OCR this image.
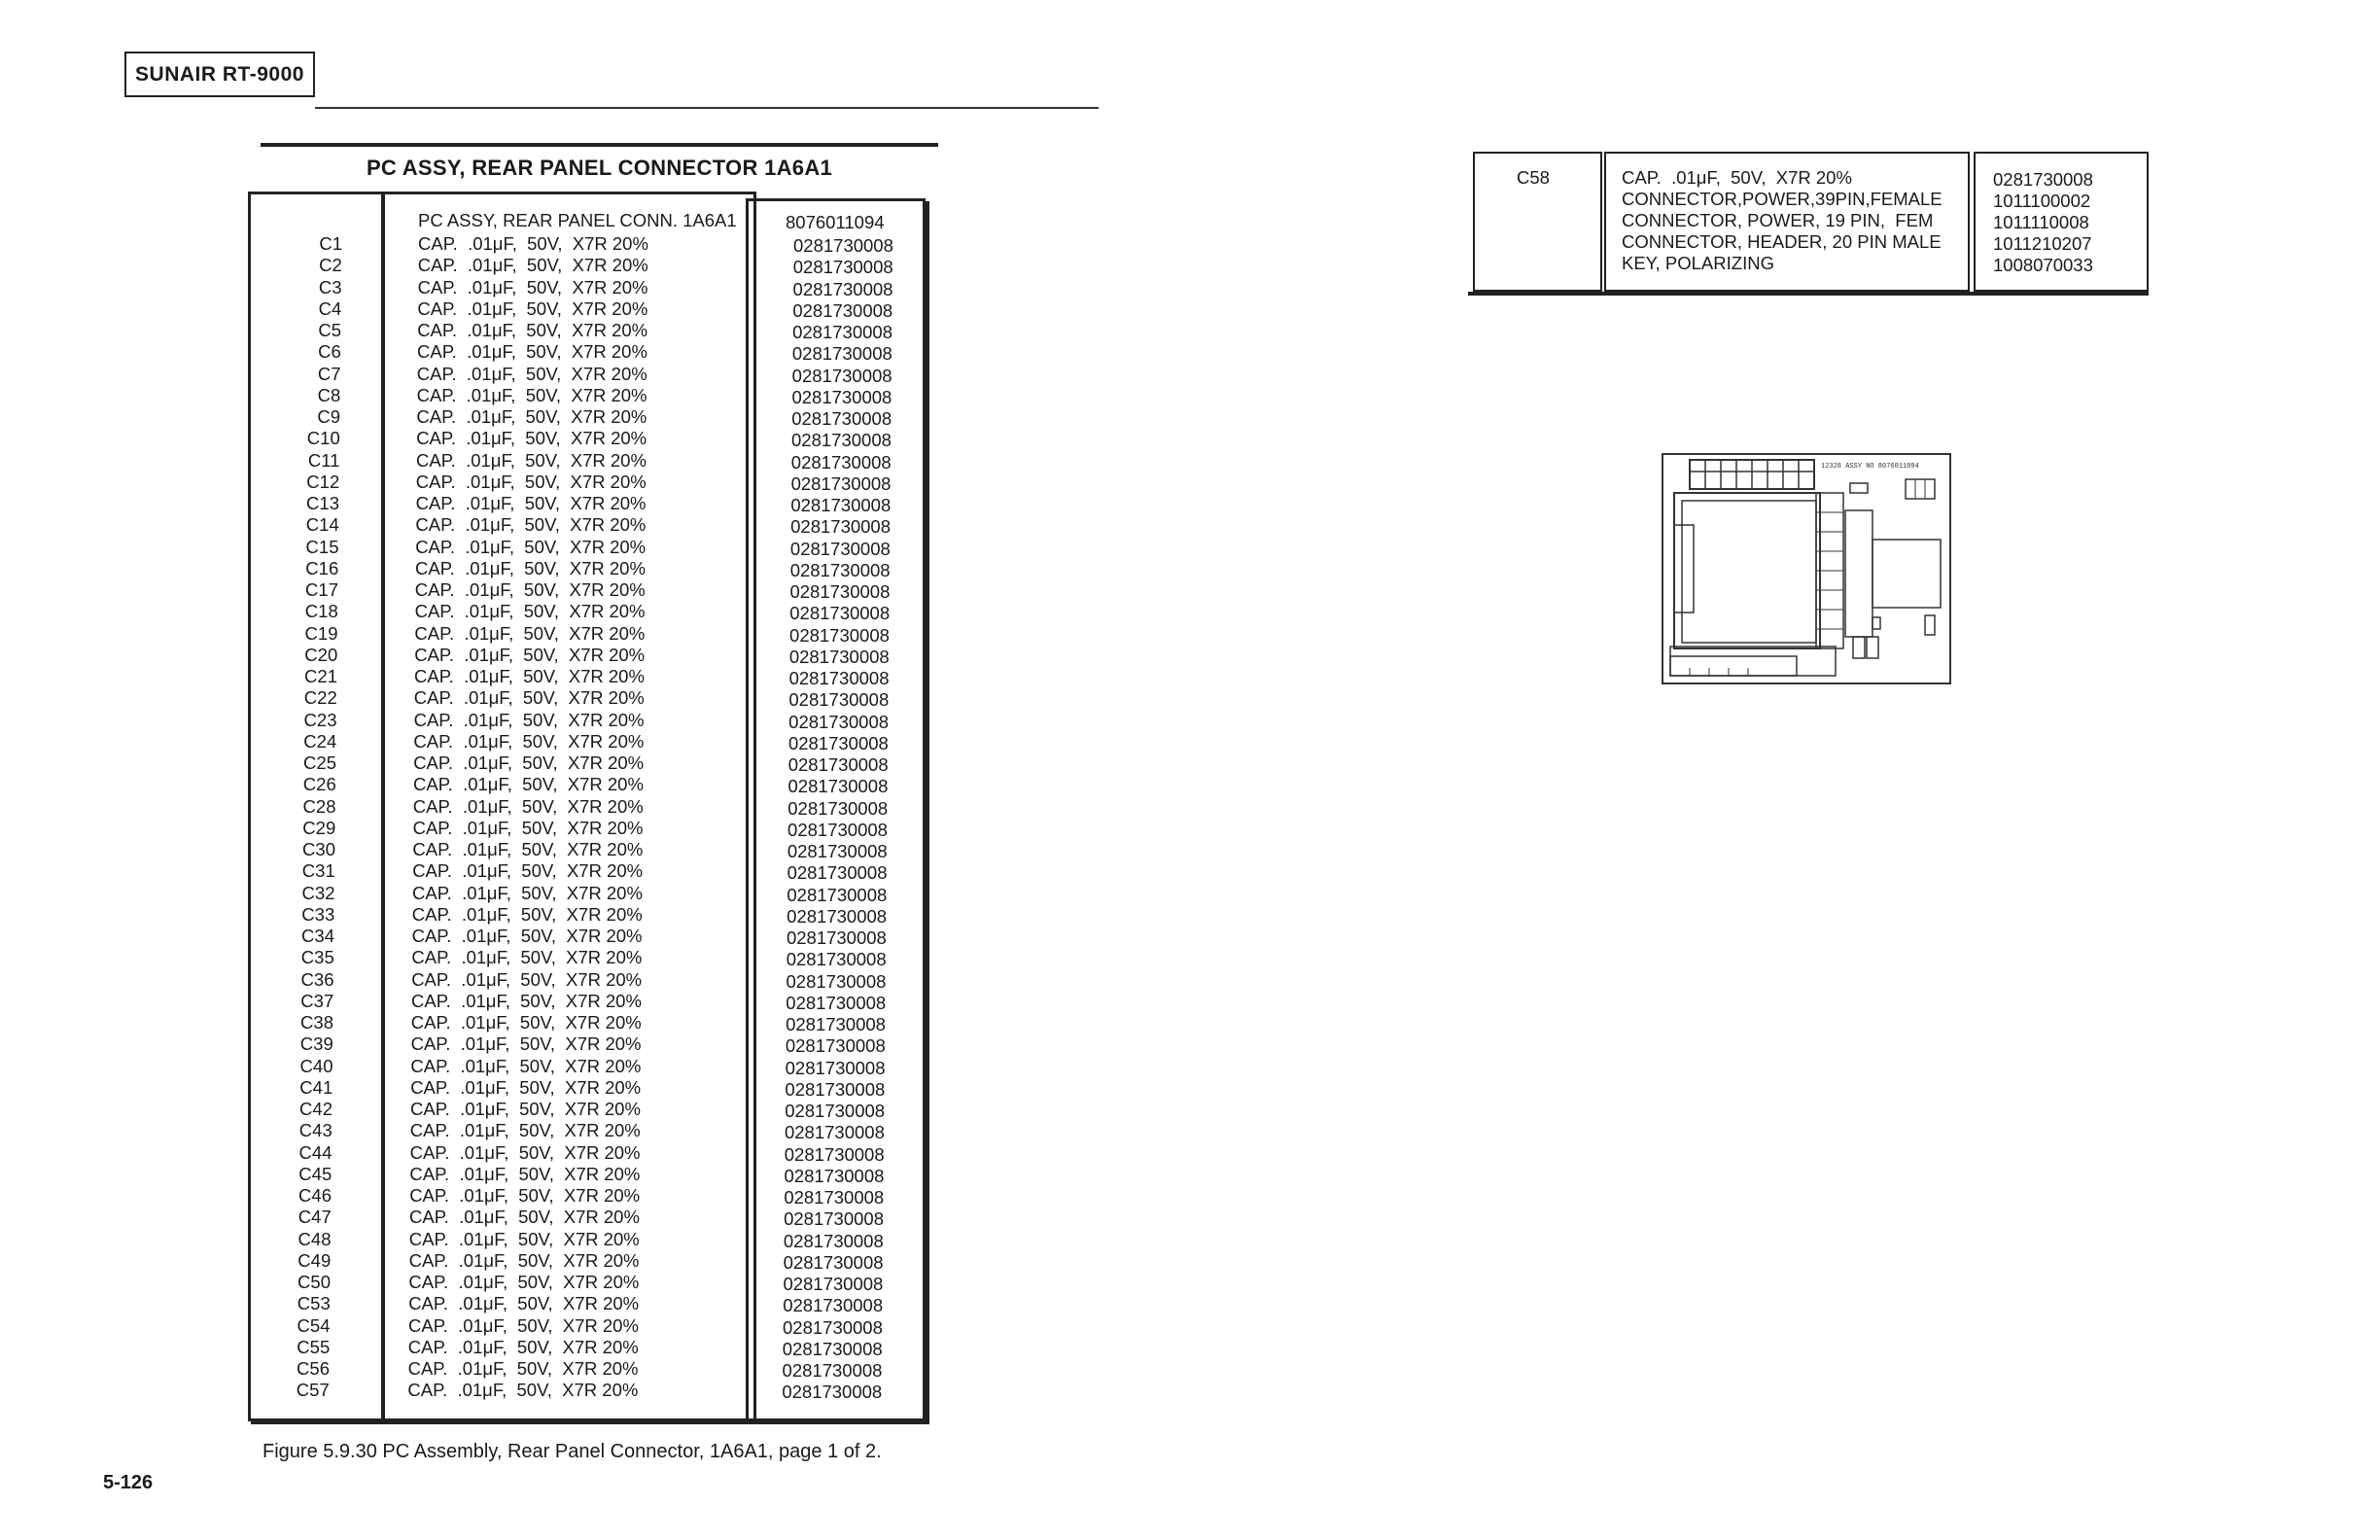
SUNAIR RT-9000
PC ASSY, REAR PANEL CONNECTOR 1A6A1
PC ASSY, REAR PANEL CONN. 1A6A1	8076011094
C1	CAP.  .01μF,  50V,  X7R 20%	0281730008
C2	CAP.  .01μF,  50V,  X7R 20%	0281730008
C3	CAP.  .01μF,  50V,  X7R 20%	0281730008
C4	CAP.  .01μF,  50V,  X7R 20%	0281730008
C5	CAP.  .01μF,  50V,  X7R 20%	0281730008
C6	CAP.  .01μF,  50V,  X7R 20%	0281730008
C7	CAP.  .01μF,  50V,  X7R 20%	0281730008
C8	CAP.  .01μF,  50V,  X7R 20%	0281730008
C9	CAP.  .01μF,  50V,  X7R 20%	0281730008
C10	CAP.  .01μF,  50V,  X7R 20%	0281730008
C11	CAP.  .01μF,  50V,  X7R 20%	0281730008
C12	CAP.  .01μF,  50V,  X7R 20%	0281730008
C13	CAP.  .01μF,  50V,  X7R 20%	0281730008
C14	CAP.  .01μF,  50V,  X7R 20%	0281730008
C15	CAP.  .01μF,  50V,  X7R 20%	0281730008
C16	CAP.  .01μF,  50V,  X7R 20%	0281730008
C17	CAP.  .01μF,  50V,  X7R 20%	0281730008
C18	CAP.  .01μF,  50V,  X7R 20%	0281730008
C19	CAP.  .01μF,  50V,  X7R 20%	0281730008
C20	CAP.  .01μF,  50V,  X7R 20%	0281730008
C21	CAP.  .01μF,  50V,  X7R 20%	0281730008
C22	CAP.  .01μF,  50V,  X7R 20%	0281730008
C23	CAP.  .01μF,  50V,  X7R 20%	0281730008
C24	CAP.  .01μF,  50V,  X7R 20%	0281730008
C25	CAP.  .01μF,  50V,  X7R 20%	0281730008
C26	CAP.  .01μF,  50V,  X7R 20%	0281730008
C28	CAP.  .01μF,  50V,  X7R 20%	0281730008
C29	CAP.  .01μF,  50V,  X7R 20%	0281730008
C30	CAP.  .01μF,  50V,  X7R 20%	0281730008
C31	CAP.  .01μF,  50V,  X7R 20%	0281730008
C32	CAP.  .01μF,  50V,  X7R 20%	0281730008
C33	CAP.  .01μF,  50V,  X7R 20%	0281730008
C34	CAP.  .01μF,  50V,  X7R 20%	0281730008
C35	CAP.  .01μF,  50V,  X7R 20%	0281730008
C36	CAP.  .01μF,  50V,  X7R 20%	0281730008
C37	CAP.  .01μF,  50V,  X7R 20%	0281730008
C38	CAP.  .01μF,  50V,  X7R 20%	0281730008
C39	CAP.  .01μF,  50V,  X7R 20%	0281730008
C40	CAP.  .01μF,  50V,  X7R 20%	0281730008
C41	CAP.  .01μF,  50V,  X7R 20%	0281730008
C42	CAP.  .01μF,  50V,  X7R 20%	0281730008
C43	CAP.  .01μF,  50V,  X7R 20%	0281730008
C44	CAP.  .01μF,  50V,  X7R 20%	0281730008
C45	CAP.  .01μF,  50V,  X7R 20%	0281730008
C46	CAP.  .01μF,  50V,  X7R 20%	0281730008
C47	CAP.  .01μF,  50V,  X7R 20%	0281730008
C48	CAP.  .01μF,  50V,  X7R 20%	0281730008
C49	CAP.  .01μF,  50V,  X7R 20%	0281730008
C50	CAP.  .01μF,  50V,  X7R 20%	0281730008
C53	CAP.  .01μF,  50V,  X7R 20%	0281730008
C54	CAP.  .01μF,  50V,  X7R 20%	0281730008
C55	CAP.  .01μF,  50V,  X7R 20%	0281730008
C56	CAP.  .01μF,  50V,  X7R 20%	0281730008
C57	CAP.  .01μF,  50V,  X7R 20%	0281730008
Figure 5.9.30 PC Assembly, Rear Panel Connector, 1A6A1, page 1 of 2.
5-126
C58	CAP.  .01μF,  50V,  X7R 20%	0281730008
CONNECTOR,POWER,39PIN,FEMALE	1011100002
CONNECTOR, POWER, 19 PIN,  FEM	1011110008
CONNECTOR, HEADER, 20 PIN MALE	1011210207
KEY, POLARIZING	1008070033
12328 ASSY NO 8076011094
